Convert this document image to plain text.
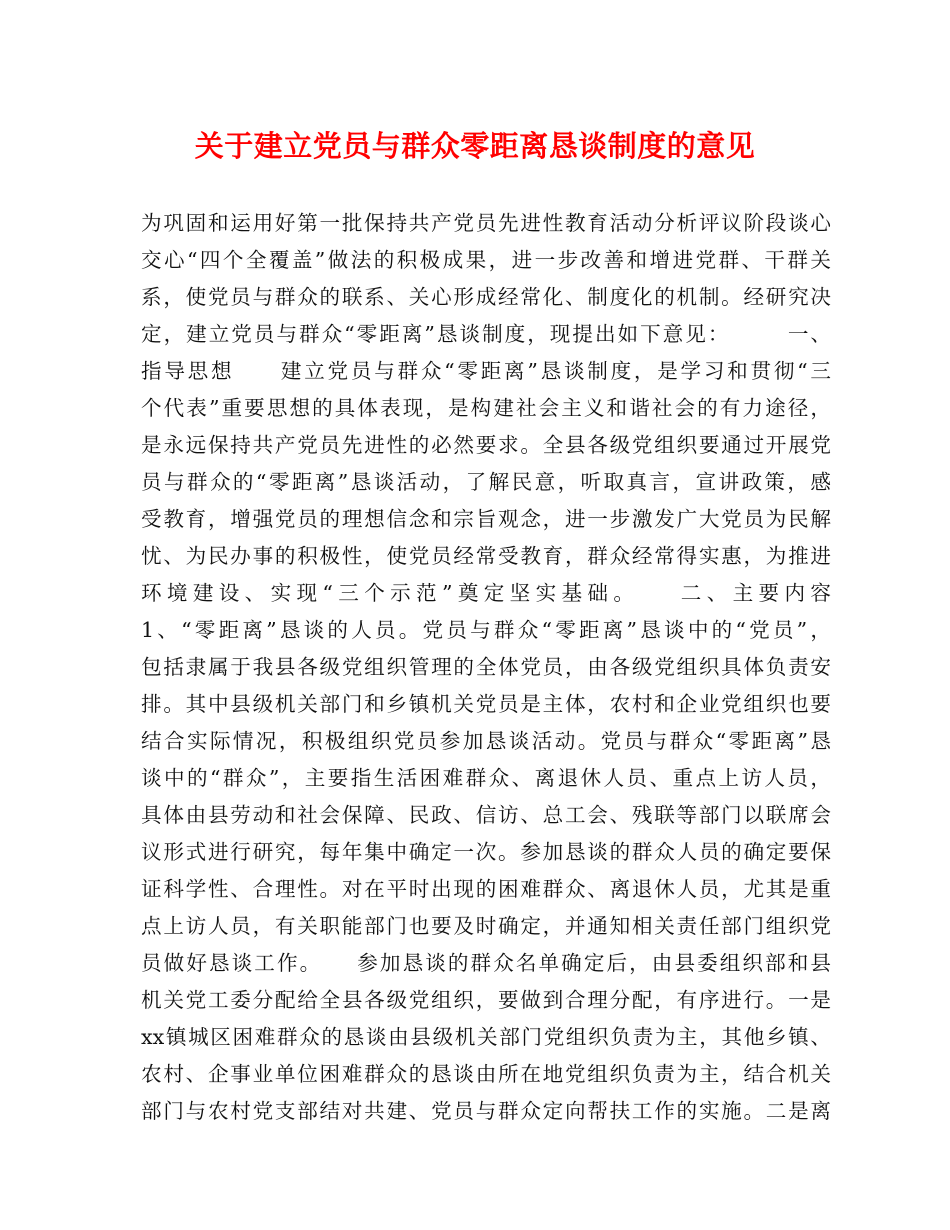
关于建立党员与群众零距离恳谈制度的意见
为巩固和运用好第一批保持共产党员先进性教育活动分析评议阶段谈心
交心“四个全覆盖”做法的积极成果，进一步改善和增进党群、干群关
系，使党员与群众的联系、关心形成经常化、制度化的机制。经研究决
定，建立党员与群众“零距离”恳谈制度，现提出如下意见：　　　一、
指导思想　　建立党员与群众“零距离”恳谈制度，是学习和贯彻“三
个代表”重要思想的具体表现，是构建社会主义和谐社会的有力途径，
是永远保持共产党员先进性的必然要求。全县各级党组织要通过开展党
员与群众的“零距离”恳谈活动，了解民意，听取真言，宣讲政策，感
受教育，增强党员的理想信念和宗旨观念，进一步激发广大党员为民解
忧、为民办事的积极性，使党员经常受教育，群众经常得实惠，为推进
环境建设、实现“三个示范”奠定坚实基础。　　二、主要内容
1、“零距离”恳谈的人员。党员与群众“零距离”恳谈中的“党员”，
包括隶属于我县各级党组织管理的全体党员，由各级党组织具体负责安
排。其中县级机关部门和乡镇机关党员是主体，农村和企业党组织也要
结合实际情况，积极组织党员参加恳谈活动。党员与群众“零距离”恳
谈中的“群众”，主要指生活困难群众、离退休人员、重点上访人员，
具体由县劳动和社会保障、民政、信访、总工会、残联等部门以联席会
议形式进行研究，每年集中确定一次。参加恳谈的群众人员的确定要保
证科学性、合理性。对在平时出现的困难群众、离退休人员，尤其是重
点上访人员，有关职能部门也要及时确定，并通知相关责任部门组织党
员做好恳谈工作。　　参加恳谈的群众名单确定后，由县委组织部和县
机关党工委分配给全县各级党组织，要做到合理分配，有序进行。一是
xx镇城区困难群众的恳谈由县级机关部门党组织负责为主，其他乡镇、
农村、企事业单位困难群众的恳谈由所在地党组织负责为主，结合机关
部门与农村党支部结对共建、党员与群众定向帮扶工作的实施。二是离
